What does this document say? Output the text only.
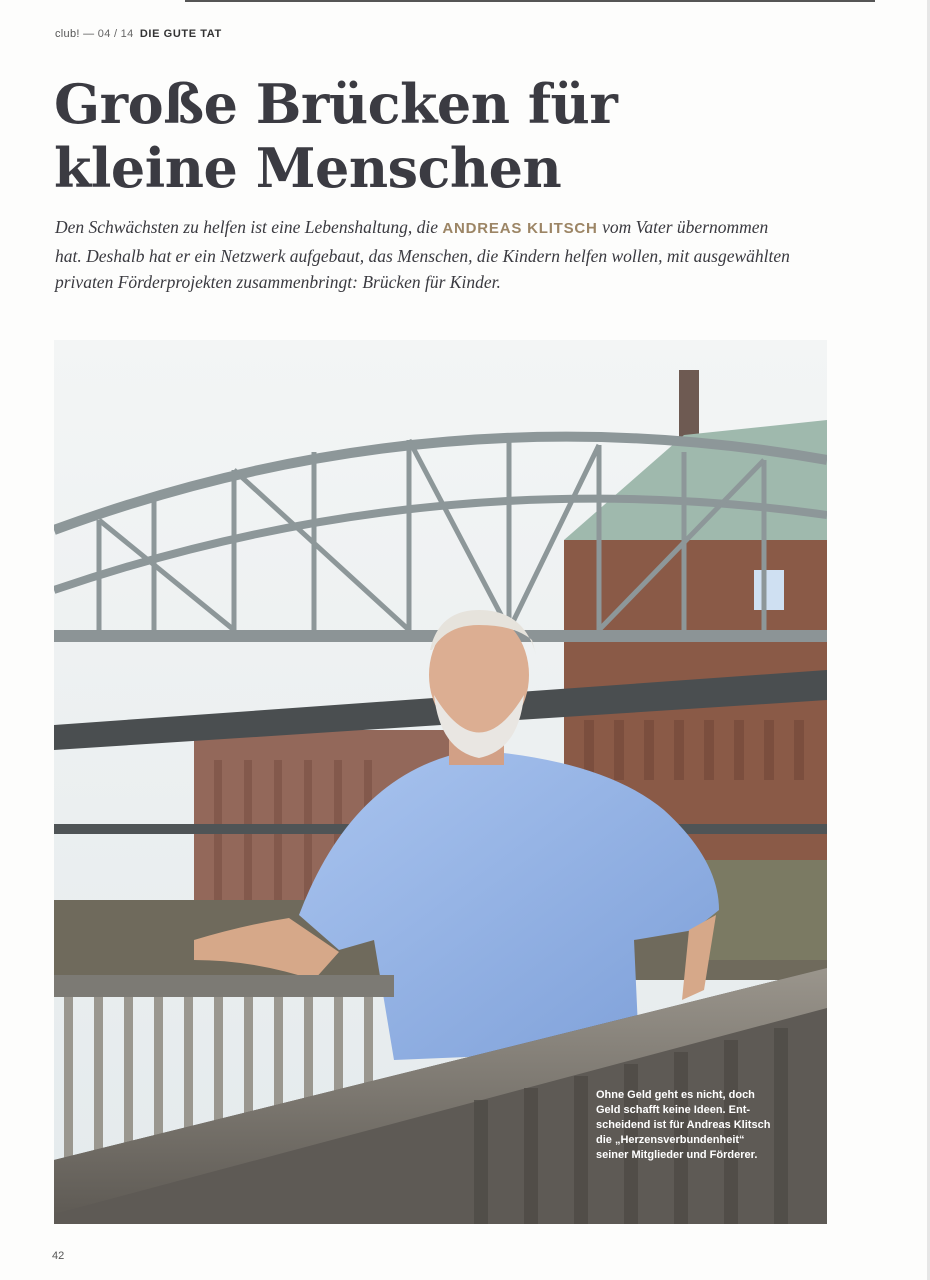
club! — 04 / 14 DIE GUTE TAT
Große Brücken für
kleine Menschen

Den Schwächsten zu helfen ist eine Lebenshaltung, die ANDREAS KLITSCH vom Vater übernommen hat. Deshalb hat er ein Netzwerk aufgebaut, das Menschen, die Kindern helfen wollen, mit ausgewählten privaten Förderprojekten zusammenbringt: Brücken für Kinder.

Ohne Geld geht es nicht, doch
Geld schafft keine Ideen. Ent-
scheidend ist für Andreas Klitsch
die „Herzensverbundenheit“
seiner Mitglieder und Förderer.

42
